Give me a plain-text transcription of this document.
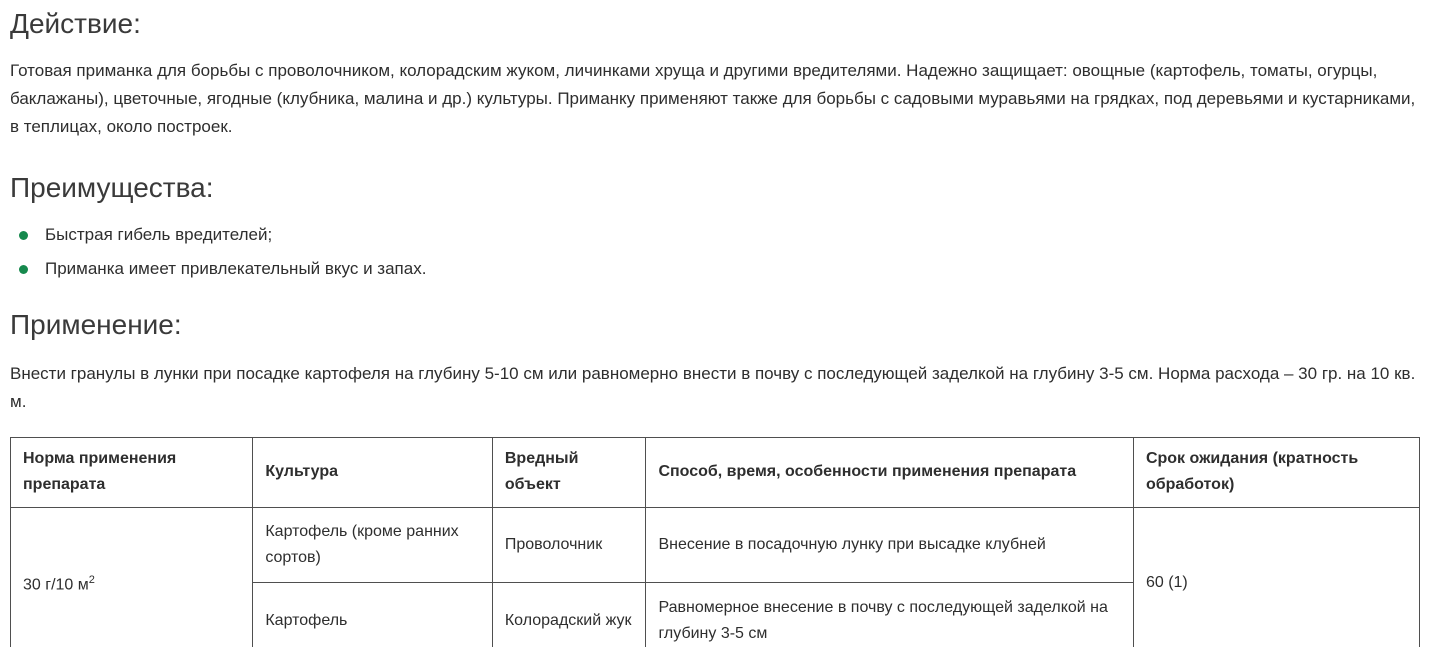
Действие:

Готовая приманка для борьбы с проволочником, колорадским жуком, личинками хруща и другими вредителями. Надежно защищает: овощные (картофель, томаты, огурцы, баклажаны), цветочные, ягодные (клубника, малина и др.) культуры. Приманку применяют также для борьбы с садовыми муравьями на грядках, под деревьями и кустарниками, в теплицах, около построек.

Преимущества:
Быстрая гибель вредителей;
Приманка имеет привлекательный вкус и запах.
Применение:

Внести гранулы в лунки при посадке картофеля на глубину 5-10 см или равномерно внести в почву с последующей заделкой на глубину 3-5 см. Норма расхода – 30 гр. на 10 кв. м.

Норма применения препарата	Культура	Вредный объект	Способ, время, особенности применения препарата	Срок ожидания (кратность обработок)
30 г/10 $м^2$	Картофель (кроме ранних сортов)	Проволочник	Внесение в посадочную лунку при высадке клубней	60 (1)
	Картофель	Колорадский жук	Равномерное внесение в почву с последующей заделкой на глубину 3-5 см	
